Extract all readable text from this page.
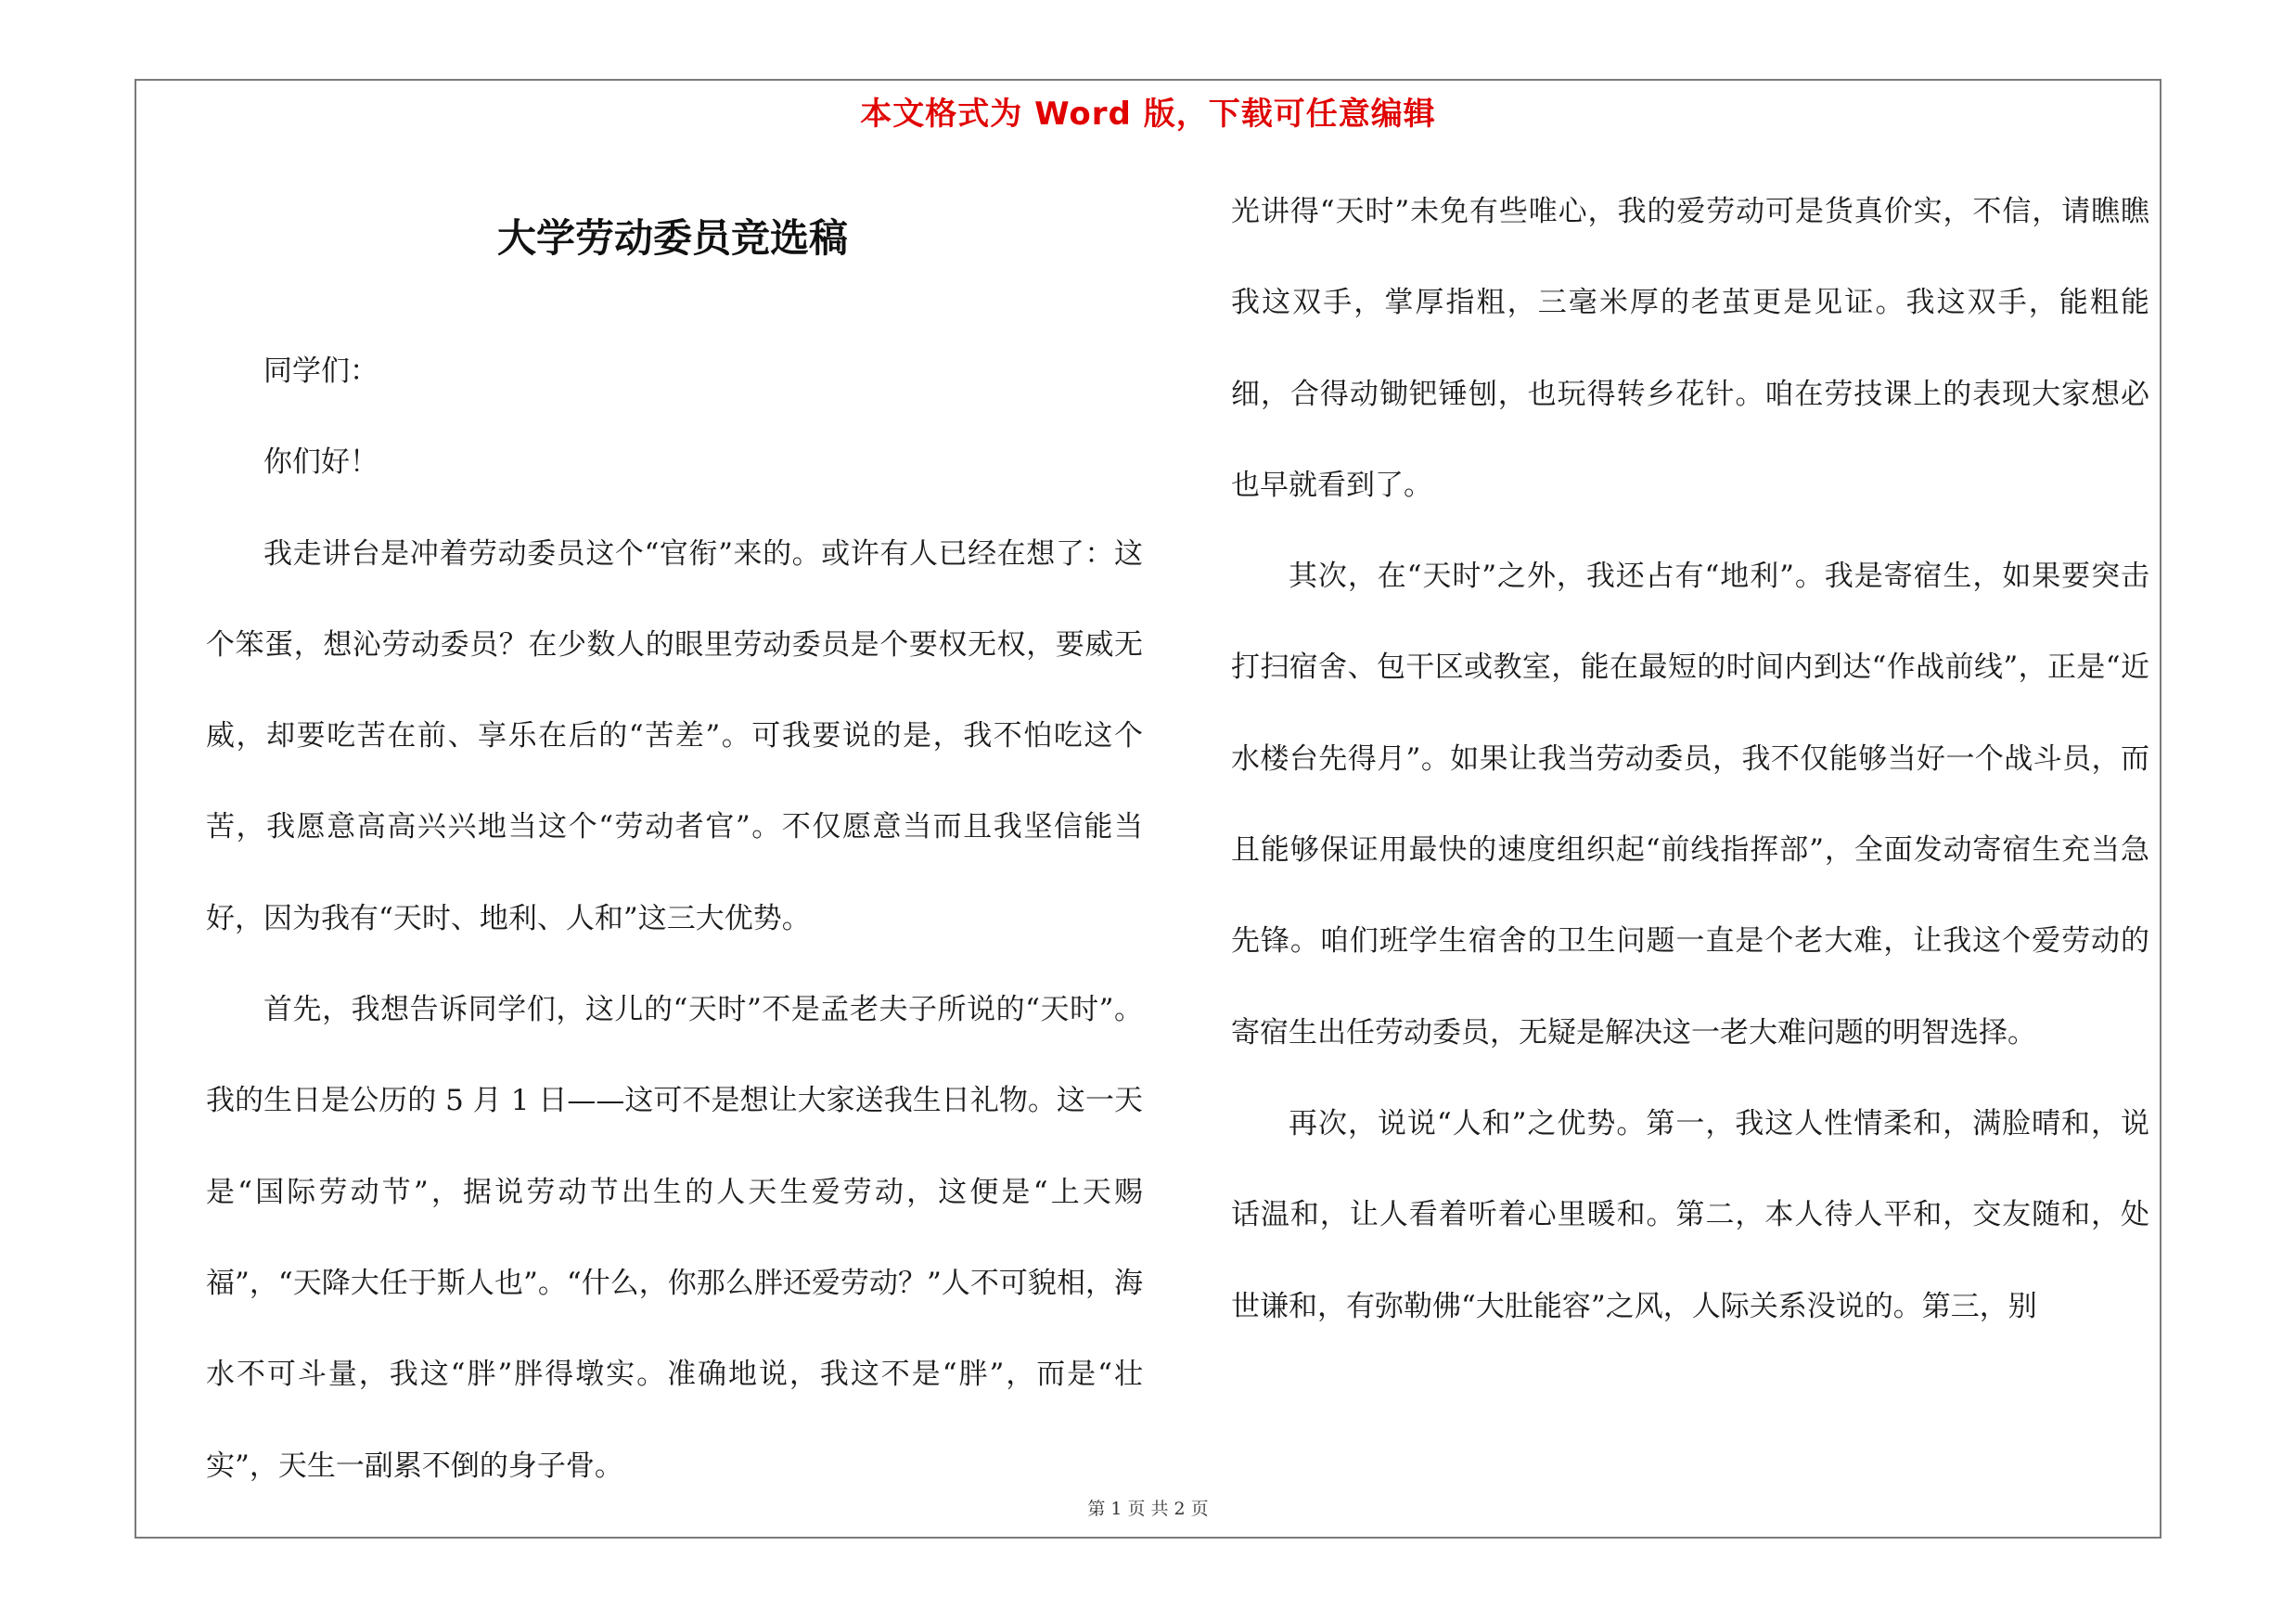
本文格式为 Word 版，下载可任意编辑
大学劳动委员竞选稿

同学们：

你们好！

我走讲台是冲着劳动委员这个“官衔”来的。或许有人已经在想了：这个笨蛋，想沁劳动委员？在少数人的眼里劳动委员是个要权无权，要威无威，却要吃苦在前、享乐在后的“苦差”。可我要说的是，我不怕吃这个苦，我愿意高高兴兴地当这个“劳动者官”。不仅愿意当而且我坚信能当好，因为我有“天时、地利、人和”这三大优势。

首先，我想告诉同学们，这儿的“天时”不是孟老夫子所说的“天时”。我的生日是公历的 5 月 1 日——这可不是想让大家送我生日礼物。这一天是“国际劳动节”，据说劳动节出生的人天生爱劳动，这便是“上天赐福”，“天降大任于斯人也”。“什么，你那么胖还爱劳动？”人不可貌相，海水不可斗量，我这“胖”胖得墩实。准确地说，我这不是“胖”，而是“壮实”，天生一副累不倒的身子骨。

光讲得“天时”未免有些唯心，我的爱劳动可是货真价实，不信，请瞧瞧我这双手，掌厚指粗，三毫米厚的老茧更是见证。我这双手，能粗能细，合得动锄钯锤刨，也玩得转乡花针。咱在劳技课上的表现大家想必也早就看到了。

其次，在“天时”之外，我还占有“地利”。我是寄宿生，如果要突击打扫宿舍、包干区或教室，能在最短的时间内到达“作战前线”，正是“近水楼台先得月”。如果让我当劳动委员，我不仅能够当好一个战斗员，而且能够保证用最快的速度组织起“前线指挥部”，全面发动寄宿生充当急先锋。咱们班学生宿舍的卫生问题一直是个老大难，让我这个爱劳动的寄宿生出任劳动委员，无疑是解决这一老大难问题的明智选择。

再次，说说“人和”之优势。第一，我这人性情柔和，满脸晴和，说话温和，让人看着听着心里暖和。第二，本人待人平和，交友随和，处世谦和，有弥勒佛“大肚能容”之风，人际关系没说的。第三，别

第 1 页 共 2 页
